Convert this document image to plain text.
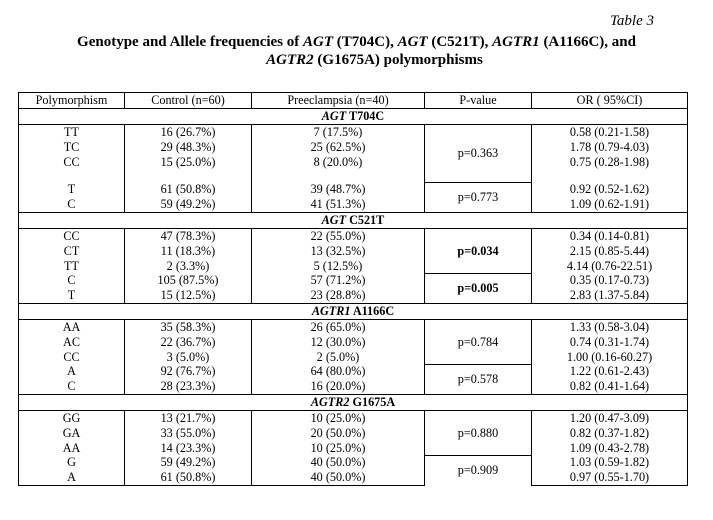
Table 3
Genotype and Allele frequencies of AGT (T704C), AGT (C521T), AGTR1 (A1166C), and
AGTR2 (G1675A) polymorphisms
Polymorphism	Control (n=60)	Preeclampsia (n=40)	P-value	OR ( 95%CI)
AGT T704C				
TT	16 (26.7%)	7 (17.5%)	p=0.363	0.58 (0.21-1.58)
TC	29 (48.3%)	25 (62.5%)		1.78 (0.79-4.03)
CC	15 (25.0%)	8 (20.0%)		0.75 (0.28-1.98)

T	61 (50.8%)	39 (48.7%)	p=0.773	0.92 (0.52-1.62)
C	59 (49.2%)	41 (51.3%)		1.09 (0.62-1.91)
AGT C521T				
CC	47 (78.3%)	22 (55.0%)	p=0.034	0.34 (0.14-0.81)
CT	11 (18.3%)	13 (32.5%)		2.15 (0.85-5.44)
TT	2 (3.3%)	5 (12.5%)		4.14 (0.76-22.51)
C	105 (87.5%)	57 (71.2%)	p=0.005	0.35 (0.17-0.73)
T	15 (12.5%)	23 (28.8%)		2.83 (1.37-5.84)
AGTR1 A1166C				
AA	35 (58.3%)	26 (65.0%)	p=0.784	1.33 (0.58-3.04)
AC	22 (36.7%)	12 (30.0%)		0.74 (0.31-1.74)
CC	3 (5.0%)	2 (5.0%)		1.00 (0.16-60.27)
A	92 (76.7%)	64 (80.0%)	p=0.578	1.22 (0.61-2.43)
C	28 (23.3%)	16 (20.0%)		0.82 (0.41-1.64)
AGTR2 G1675A				
GG	13 (21.7%)	10 (25.0%)	p=0.880	1.20 (0.47-3.09)
GA	33 (55.0%)	20 (50.0%)		0.82 (0.37-1.82)
AA	14 (23.3%)	10 (25.0%)		1.09 (0.43-2.78)
G	59 (49.2%)	40 (50.0%)	p=0.909	1.03 (0.59-1.82)
A	61 (50.8%)	40 (50.0%)		0.97 (0.55-1.70)
